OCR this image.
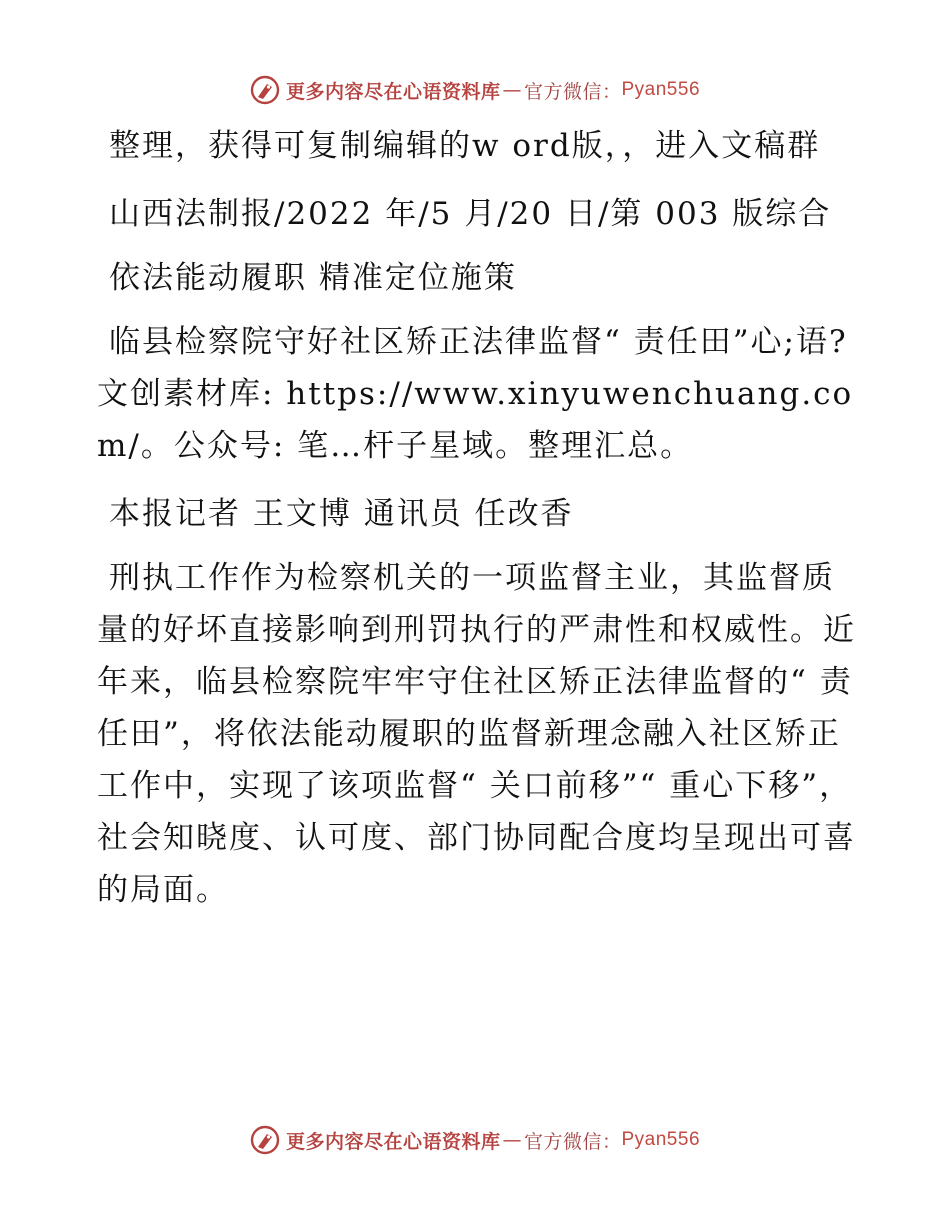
更多内容尽在心语资料库 — 官方微信： Pyan556

整理，获得可复制编辑的w ord版，，进入文稿群

山西法制报/2022 年/5 月/20 日/第 003 版综合

依法能动履职 精准定位施策

临县检察院守好社区矫正法律监督“ 责任田”心;语?文创素材库: https://www.xinyuwenchuang.com/。公众号: 笔…杆子星域。整理汇总。

本报记者 王文博 通讯员 任改香

刑执工作作为检察机关的一项监督主业，其监督质量的好坏直接影响到刑罚执行的严肃性和权威性。近年来，临县检察院牢牢守住社区矫正法律监督的“ 责任田”，将依法能动履职的监督新理念融入社区矫正工作中，实现了该项监督“ 关口前移”“ 重心下移”，社会知晓度、认可度、部门协同配合度均呈现出可喜的局面。

更多内容尽在心语资料库 — 官方微信： Pyan556
